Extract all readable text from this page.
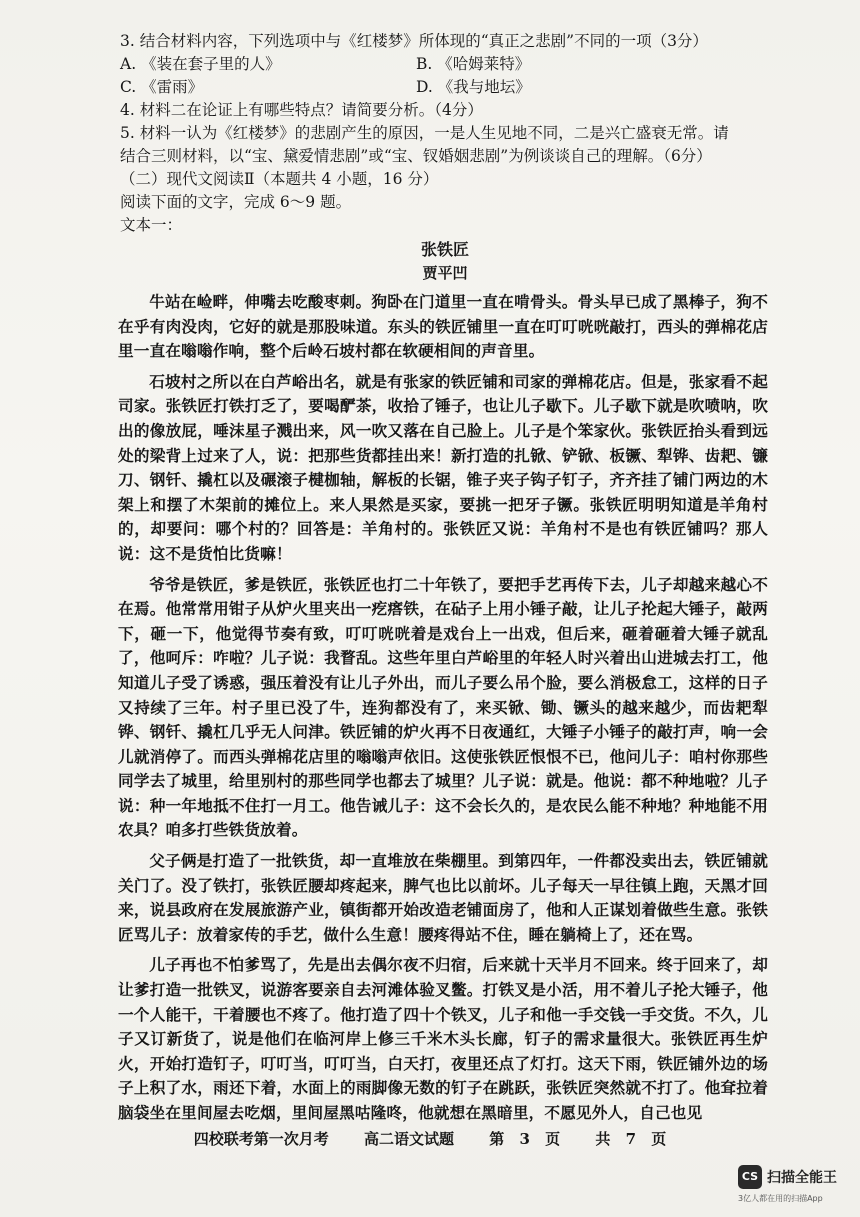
3. 结合材料内容，下列选项中与《红楼梦》所体现的“真正之悲剧”不同的一项（3分）
A. 《装在套子里的人》	B. 《哈姆莱特》
C. 《雷雨》	D. 《我与地坛》
4. 材料二在论证上有哪些特点？请简要分析。（4分）
5. 材料一认为《红楼梦》的悲剧产生的原因，一是人生见地不同，二是兴亡盛衰无常。请
结合三则材料，以“宝、黛爱情悲剧”或“宝、钗婚姻悲剧”为例谈谈自己的理解。（6分）
（二）现代文阅读Ⅱ（本题共 4 小题，16 分）
阅读下面的文字，完成 6～9 题。
文本一：
张铁匠
贾平凹

牛站在崄畔，伸嘴去吃酸枣刺。狗卧在门道里一直在啃骨头。骨头早已成了黑棒子，狗不在乎有肉没肉，它好的就是那股味道。东头的铁匠铺里一直在叮叮咣咣敲打，西头的弹棉花店里一直在嗡嗡作响，整个后岭石坡村都在软硬相间的声音里。

石坡村之所以在白芦峪出名，就是有张家的铁匠铺和司家的弹棉花店。但是，张家看不起司家。张铁匠打铁打乏了，要喝酽茶，收拾了锤子，也让儿子歇下。儿子歇下就是吹喷呐，吹出的像放屁，唾沫星子溅出来，风一吹又落在自己脸上。儿子是个笨家伙。张铁匠抬头看到远处的梁背上过来了人，说：把那些货都挂出来！新打造的扎锨、铲锨、板镢、犁铧、齿耙、镰刀、钢钎、撬杠以及碾滚子楗枷轴，解板的长锯，锥子夹子钩子钉子，齐齐挂了铺门两边的木架上和摆了木架前的摊位上。来人果然是买家，要挑一把牙子镢。张铁匠明明知道是羊角村的，却要问：哪个村的？回答是：羊角村的。张铁匠又说：羊角村不是也有铁匠铺吗？那人说：这不是货怕比货嘛！

爷爷是铁匠，爹是铁匠，张铁匠也打二十年铁了，要把手艺再传下去，儿子却越来越心不在焉。他常常用钳子从炉火里夹出一疙瘩铁，在砧子上用小锤子敲，让儿子抡起大锤子，敲两下，砸一下，他觉得节奏有致，叮叮咣咣着是戏台上一出戏，但后来，砸着砸着大锤子就乱了，他呵斥：咋啦？儿子说：我瞀乱。这些年里白芦峪里的年轻人时兴着出山进城去打工，他知道儿子受了诱惑，强压着没有让儿子外出，而儿子要么吊个脸，要么消极怠工，这样的日子又持续了三年。村子里已没了牛，连狗都没有了，来买锨、锄、镢头的越来越少，而齿耙犁铧、钢钎、撬杠几乎无人问津。铁匠铺的炉火再不日夜通红，大锤子小锤子的敲打声，响一会儿就消停了。而西头弹棉花店里的嗡嗡声依旧。这使张铁匠恨恨不已，他问儿子：咱村你那些同学去了城里，给里别村的那些同学也都去了城里？儿子说：就是。他说：都不种地啦？儿子说：种一年地抵不住打一月工。他告诫儿子：这不会长久的，是农民么能不种地？种地能不用农具？咱多打些铁货放着。

父子俩是打造了一批铁货，却一直堆放在柴棚里。到第四年，一件都没卖出去，铁匠铺就关门了。没了铁打，张铁匠腰却疼起来，脾气也比以前坏。儿子每天一早往镇上跑，天黑才回来，说县政府在发展旅游产业，镇街都开始改造老铺面房了，他和人正谋划着做些生意。张铁匠骂儿子：放着家传的手艺，做什么生意！腰疼得站不住，睡在躺椅上了，还在骂。

儿子再也不怕爹骂了，先是出去偶尔夜不归宿，后来就十天半月不回来。终于回来了，却让爹打造一批铁叉，说游客要亲自去河滩体验叉鳖。打铁叉是小活，用不着儿子抡大锤子，他一个人能干，干着腰也不疼了。他打造了四十个铁叉，儿子和他一手交钱一手交货。不久，儿子又订新货了，说是他们在临河岸上修三千米木头长廊，钉子的需求量很大。张铁匠再生炉火，开始打造钉子，叮叮当，叮叮当，白天打，夜里还点了灯打。这天下雨，铁匠铺外边的场子上积了水，雨还下着，水面上的雨脚像无数的钉子在跳跃，张铁匠突然就不打了。他耷拉着脑袋坐在里间屋去吃烟，里间屋黑咕隆咚，他就想在黑暗里，不愿见外人，自己也见

四校联考第一次月考 高二语文试题 第 3 页 共 7 页
CS 扫描全能王
3亿人都在用的扫描App
